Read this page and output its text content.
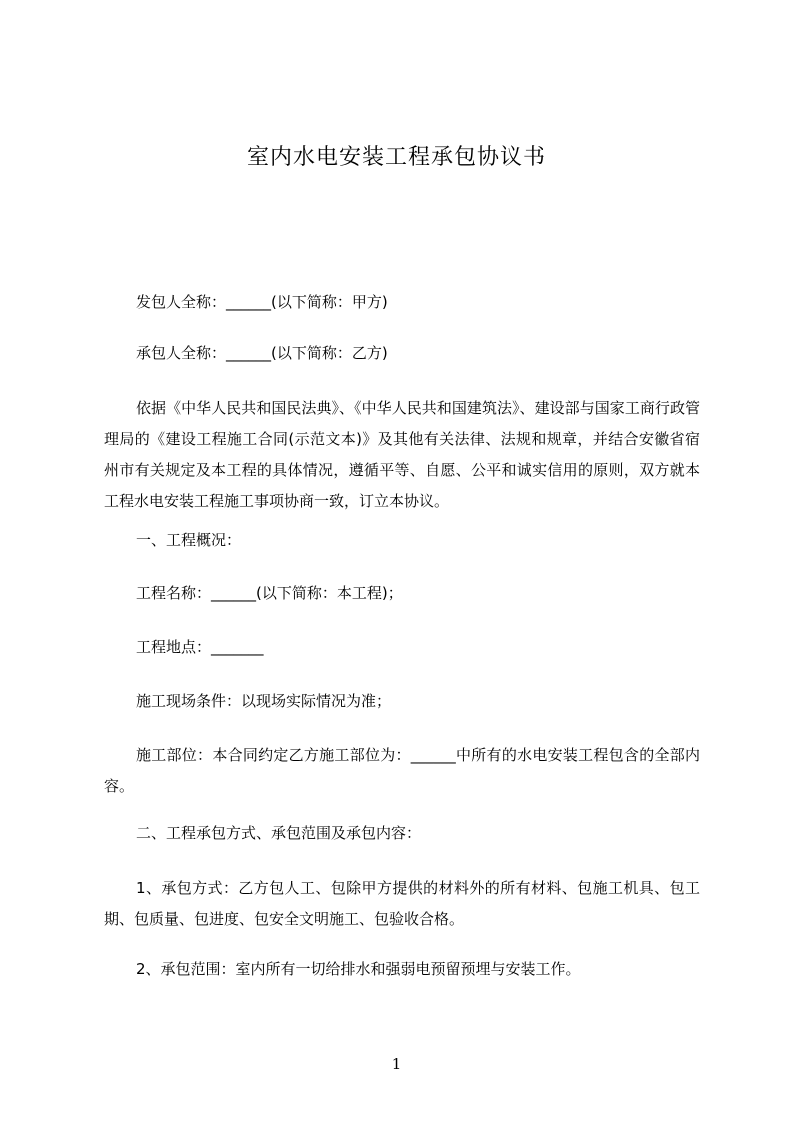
室内水电安装工程承包协议书
发包人全称：______(以下简称：甲方)
承包人全称：______(以下简称：乙方)
依据《中华人民共和国民法典》、《中华人民共和国建筑法》、建设部与国家工商行政管理局的《建设工程施工合同(示范文本)》及其他有关法律、法规和规章，并结合安徽省宿州市有关规定及本工程的具体情况，遵循平等、自愿、公平和诚实信用的原则，双方就本工程水电安装工程施工事项协商一致，订立本协议。
一、工程概况：
工程名称：______(以下简称：本工程)；
工程地点：_______
施工现场条件：以现场实际情况为准；
施工部位：本合同约定乙方施工部位为：______中所有的水电安装工程包含的全部内容。
二、工程承包方式、承包范围及承包内容：
1、承包方式：乙方包人工、包除甲方提供的材料外的所有材料、包施工机具、包工期、包质量、包进度、包安全文明施工、包验收合格。
2、承包范围：室内所有一切给排水和强弱电预留预埋与安装工作。
1
